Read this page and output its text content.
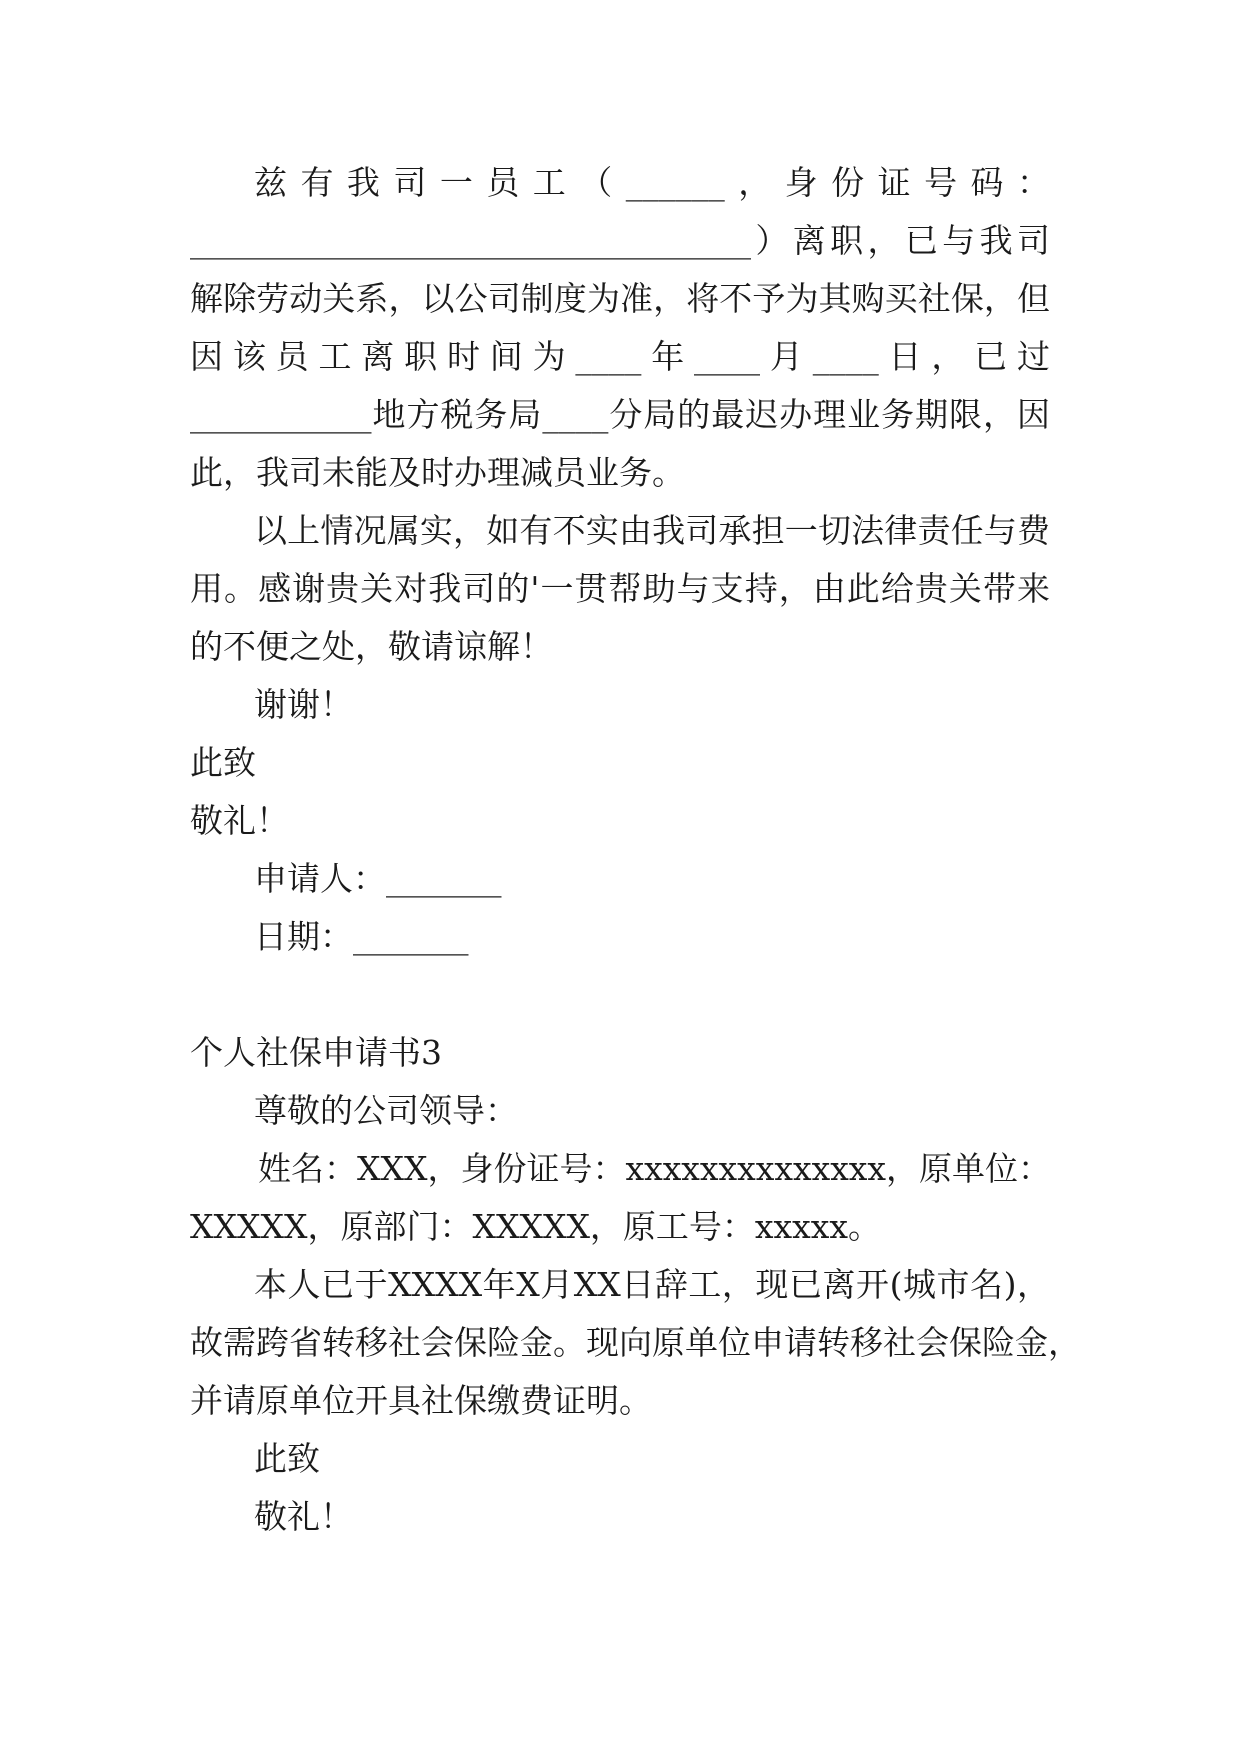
兹有我司一员工（______，身份证号码：
__________________________________）离职，已与我司
解除劳动关系，以公司制度为准，将不予为其购买社保，但
因该员工离职时间为____年____月____日，已过
___________地方税务局____分局的最迟办理业务期限，因
此，我司未能及时办理减员业务。
以上情况属实，如有不实由我司承担一切法律责任与费
用。感谢贵关对我司的'一贯帮助与支持，由此给贵关带来
的不便之处，敬请谅解！
谢谢！
此致
敬礼！
申请人：_______
日期：_______
个人社保申请书3
尊敬的公司领导：
姓名：XXX，身份证号：xxxxxxxxxxxxxx，原单位：
XXXXX，原部门：XXXXX，原工号：xxxxx。
本人已于XXXX年X月XX日辞工，现已离开(城市名)，
故需跨省转移社会保险金。现向原单位申请转移社会保险金，
并请原单位开具社保缴费证明。
此致
敬礼！
